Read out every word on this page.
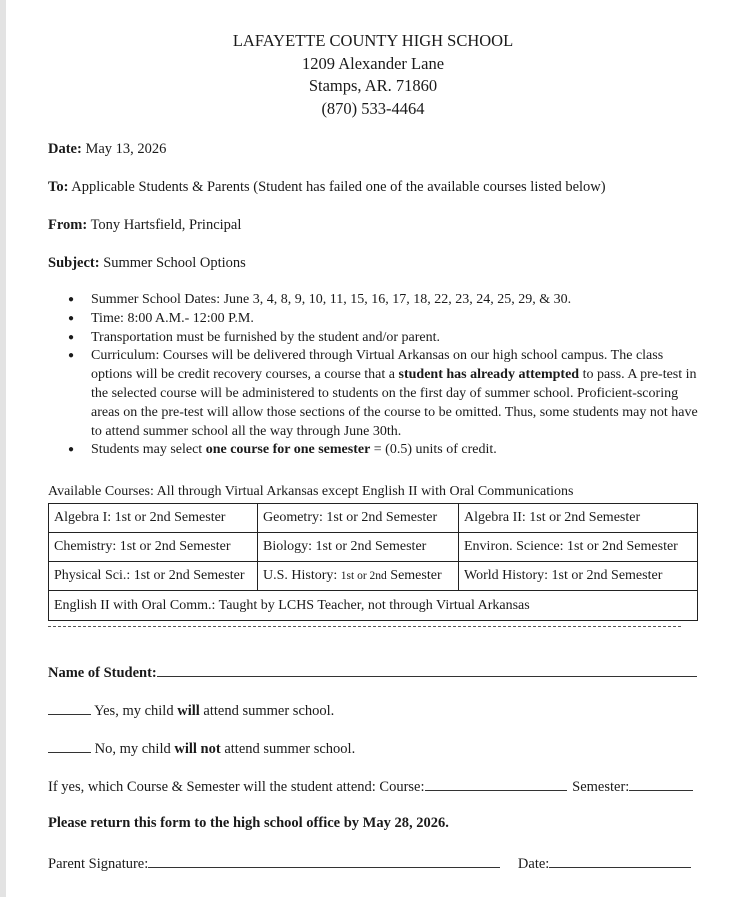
LAFAYETTE COUNTY HIGH SCHOOL
1209 Alexander Lane
Stamps, AR. 71860
(870) 533-4464
Date: May 13, 2026
To: Applicable Students & Parents (Student has failed one of the available courses listed below)
From: Tony Hartsfield, Principal
Subject: Summer School Options
● Summer School Dates: June 3, 4, 8, 9, 10, 11, 15, 16, 17, 18, 22, 23, 24, 25, 29, & 30.
● Time: 8:00 A.M.- 12:00 P.M.
● Transportation must be furnished by the student and/or parent.
● Curriculum: Courses will be delivered through Virtual Arkansas on our high school campus. The class options will be credit recovery courses, a course that a student has already attempted to pass. A pre-test in the selected course will be administered to students on the first day of summer school. Proficient-scoring areas on the pre-test will allow those sections of the course to be omitted. Thus, some students may not have to attend summer school all the way through June 30th.
● Students may select one course for one semester = (0.5) units of credit.
Available Courses: All through Virtual Arkansas except English II with Oral Communications
Algebra I: 1st or 2nd Semester	Geometry: 1st or 2nd Semester	Algebra II: 1st or 2nd Semester
Chemistry: 1st or 2nd Semester	Biology: 1st or 2nd Semester	Environ. Science: 1st or 2nd Semester
Physical Sci.: 1st or 2nd Semester	U.S. History: 1st or 2nd Semester	World History: 1st or 2nd Semester
English II with Oral Comm.: Taught by LCHS Teacher, not through Virtual Arkansas		
Name of Student:
Yes, my child will attend summer school.
No, my child will not attend summer school.
If yes, which Course & Semester will the student attend: Course:	Semester:
Please return this form to the high school office by May 28, 2026.
Parent Signature:	Date:
